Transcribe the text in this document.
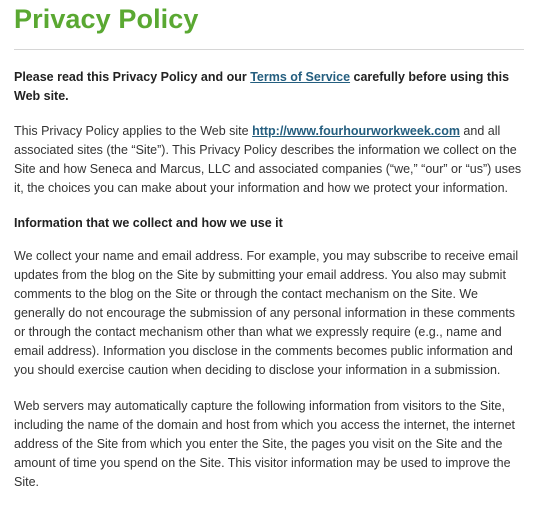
Privacy Policy

Please read this Privacy Policy and our Terms of Service carefully before using this Web site.

This Privacy Policy applies to the Web site http://www.fourhourworkweek.com and all associated sites (the “Site”). This Privacy Policy describes the information we collect on the Site and how Seneca and Marcus, LLC and associated companies (“we,” “our” or “us”) uses it, the choices you can make about your information and how we protect your information.

Information that we collect and how we use it

We collect your name and email address. For example, you may subscribe to receive email updates from the blog on the Site by submitting your email address. You also may submit comments to the blog on the Site or through the contact mechanism on the Site. We generally do not encourage the submission of any personal information in these comments or through the contact mechanism other than what we expressly require (e.g., name and email address). Information you disclose in the comments becomes public information and you should exercise caution when deciding to disclose your information in a submission.

Web servers may automatically capture the following information from visitors to the Site, including the name of the domain and host from which you access the internet, the internet address of the Site from which you enter the Site, the pages you visit on the Site and the amount of time you spend on the Site. This visitor information may be used to improve the Site.
